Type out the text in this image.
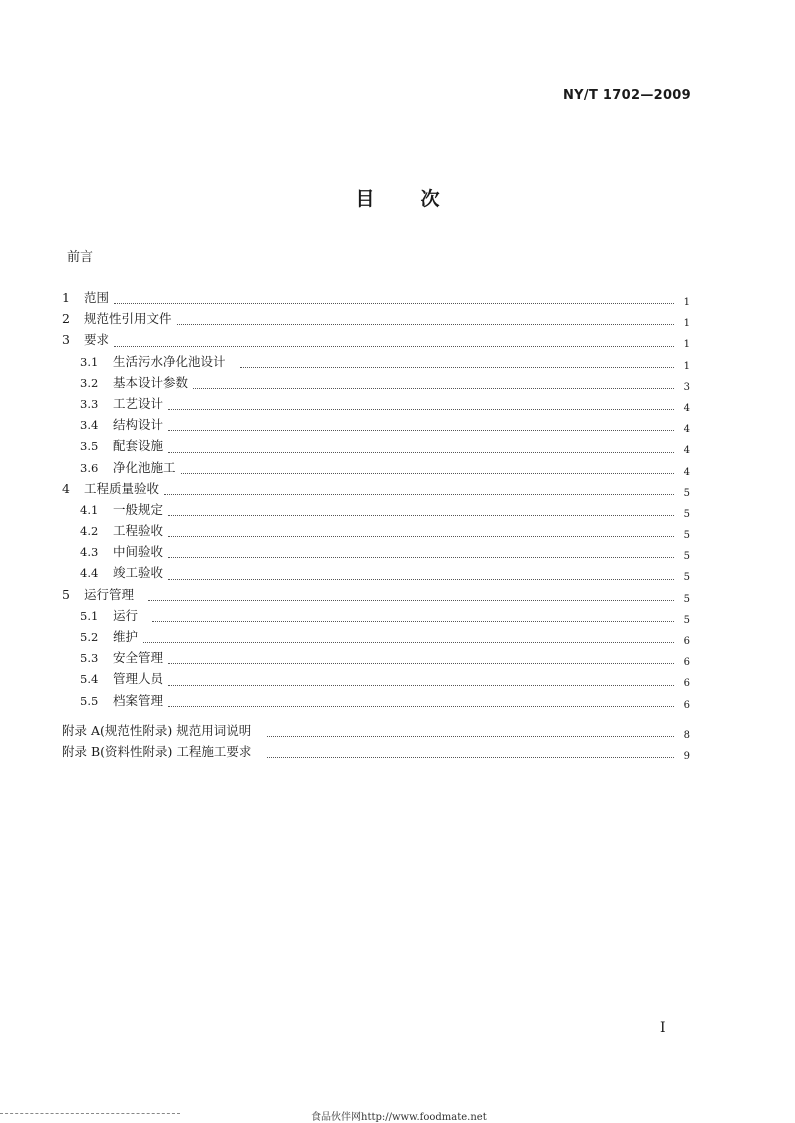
NY/T 1702—2009
目 次
前言
1	范围	1
2	规范性引用文件	1
3	要求	1
3.1	生活污水净化池设计	1
3.2	基本设计参数	3
3.3	工艺设计	4
3.4	结构设计	4
3.5	配套设施	4
3.6	净化池施工	4
4	工程质量验收	5
4.1	一般规定	5
4.2	工程验收	5
4.3	中间验收	5
4.4	竣工验收	5
5	运行管理	5
5.1	运行	5
5.2	维护	6
5.3	安全管理	6
5.4	管理人员	6
5.5	档案管理	6
附录 A(规范性附录) 规范用词说明	8
附录 B(资料性附录) 工程施工要求	9
I
食品伙伴网http://www.foodmate.net
